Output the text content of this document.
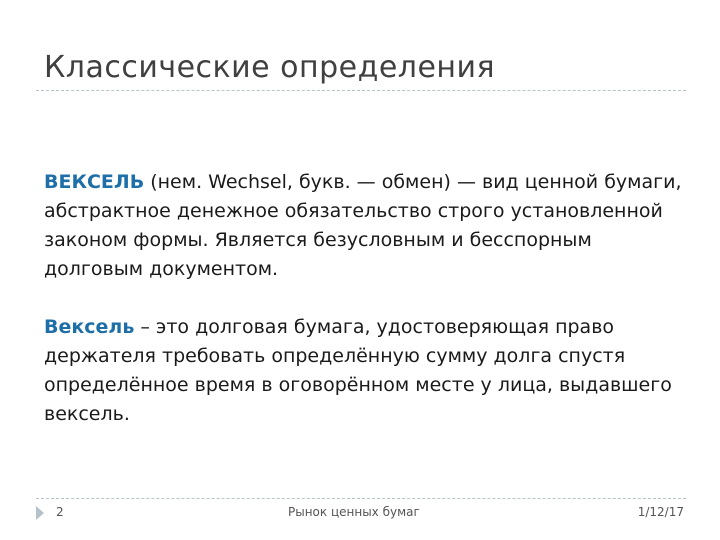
Классические определения

ВЕКСЕЛЬ (нем. Wechsel, букв. — обмен) — вид ценной бумаги, абстрактное денежное обязательство строго установленной законом формы. Является безусловным и бесспорным долговым документом.

Вексель – это долговая бумага, удостоверяющая право держателя требовать определённую сумму долга спустя определённое время в оговорённом месте у лица, выдавшего вексель.

2	Рынок ценных бумаг	1/12/17
